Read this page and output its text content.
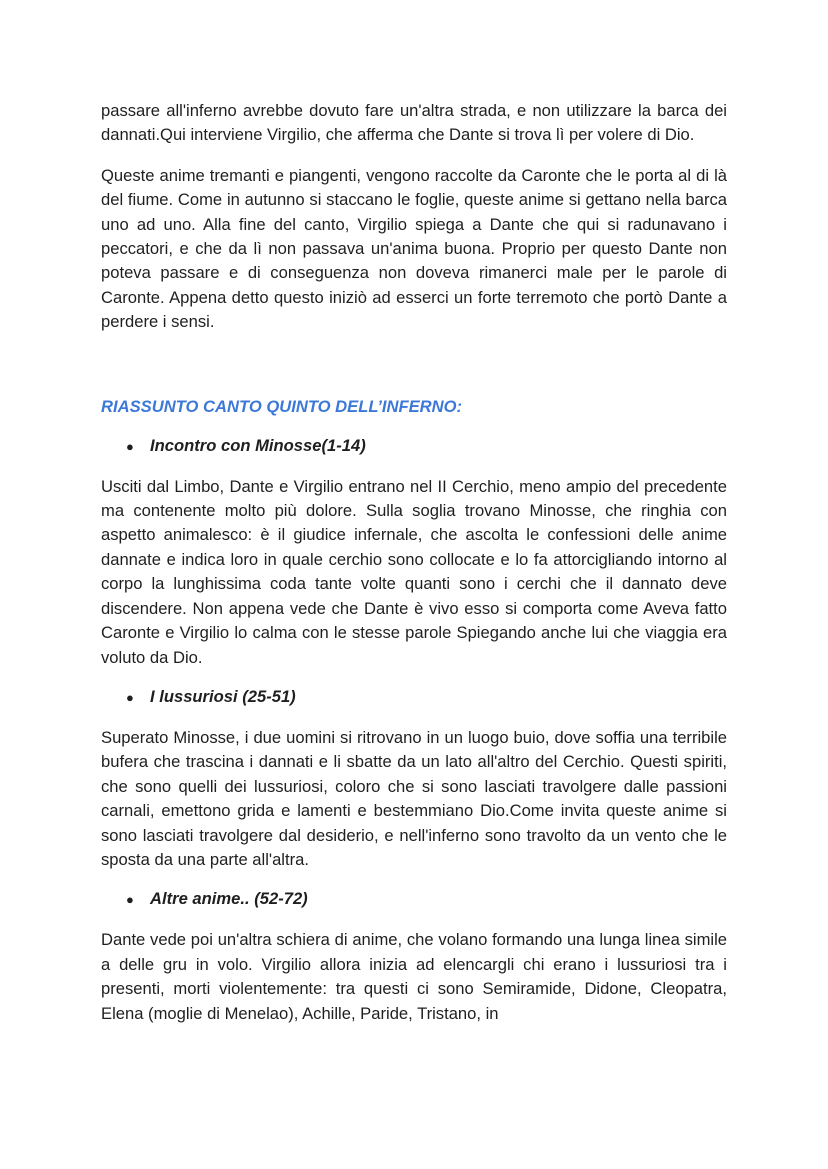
passare all'inferno avrebbe dovuto fare un'altra strada, e non utilizzare la barca dei dannati.Qui interviene Virgilio, che afferma che Dante si trova lì per volere di Dio.

Queste anime tremanti e piangenti, vengono raccolte da Caronte che le porta al di là del fiume. Come in autunno si staccano le foglie, queste anime si gettano nella barca uno ad uno. Alla fine del canto, Virgilio spiega a Dante che qui si radunavano i peccatori, e che da lì non passava un'anima buona. Proprio per questo Dante non poteva passare e di conseguenza non doveva rimanerci male per le parole di Caronte. Appena detto questo iniziò ad esserci un forte terremoto che portò Dante a perdere i sensi.

RIASSUNTO CANTO QUINTO DELL’INFERNO:
● Incontro con Minosse(1-14)

Usciti dal Limbo, Dante e Virgilio entrano nel II Cerchio, meno ampio del precedente ma contenente molto più dolore. Sulla soglia trovano Minosse, che ringhia con aspetto animalesco: è il giudice infernale, che ascolta le confessioni delle anime dannate e indica loro in quale cerchio sono collocate e lo fa attorcigliando intorno al corpo la lunghissima coda tante volte quanti sono i cerchi che il dannato deve discendere. Non appena vede che Dante è vivo esso si comporta come Aveva fatto Caronte e Virgilio lo calma con le stesse parole Spiegando anche lui che viaggia era voluto da Dio.

● I lussuriosi (25-51)

Superato Minosse, i due uomini si ritrovano in un luogo buio, dove soffia una terribile bufera che trascina i dannati e li sbatte da un lato all'altro del Cerchio. Questi spiriti, che sono quelli dei lussuriosi, coloro che si sono lasciati travolgere dalle passioni carnali, emettono grida e lamenti e bestemmiano Dio.Come invita queste anime si sono lasciati travolgere dal desiderio, e nell'inferno sono travolto da un vento che le sposta da una parte all'altra.

● Altre anime.. (52-72)

Dante vede poi un'altra schiera di anime, che volano formando una lunga linea simile a delle gru in volo. Virgilio allora inizia ad elencargli chi erano i lussuriosi tra i presenti, morti violentemente: tra questi ci sono Semiramide, Didone, Cleopatra, Elena (moglie di Menelao), Achille, Paride, Tristano, in
